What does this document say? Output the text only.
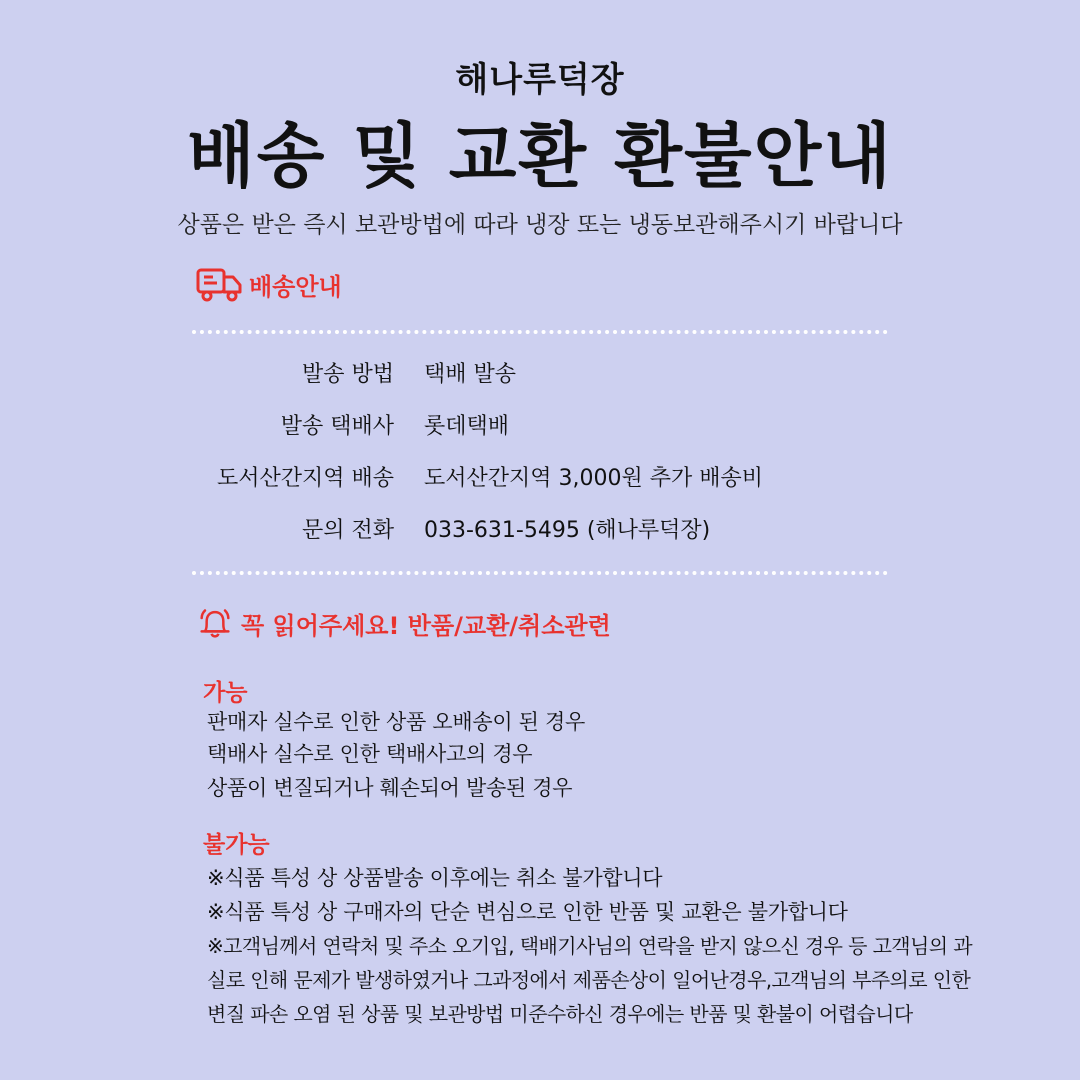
해나루덕장
배송 및 교환 환불안내
상품은 받은 즉시 보관방법에 따라 냉장 또는 냉동보관해주시기 바랍니다
배송안내
발송 방법 택배 발송
발송 택배사 롯데택배
도서산간지역 배송 도서산간지역 3,000원 추가 배송비
문의 전화 033-631-5495 (해나루덕장)
꼭 읽어주세요! 반품/교환/취소관련
가능
판매자 실수로 인한 상품 오배송이 된 경우
택배사 실수로 인한 택배사고의 경우
상품이 변질되거나 훼손되어 발송된 경우
불가능
※식품 특성 상 상품발송 이후에는 취소 불가합니다
※식품 특성 상 구매자의 단순 변심으로 인한 반품 및 교환은 불가합니다
※고객님께서 연락처 및 주소 오기입, 택배기사님의 연락을 받지 않으신 경우 등 고객님의 과
실로 인해 문제가 발생하였거나 그과정에서 제품손상이 일어난경우,고객님의 부주의로 인한
변질 파손 오염 된 상품 및 보관방법 미준수하신 경우에는 반품 및 환불이 어렵습니다
